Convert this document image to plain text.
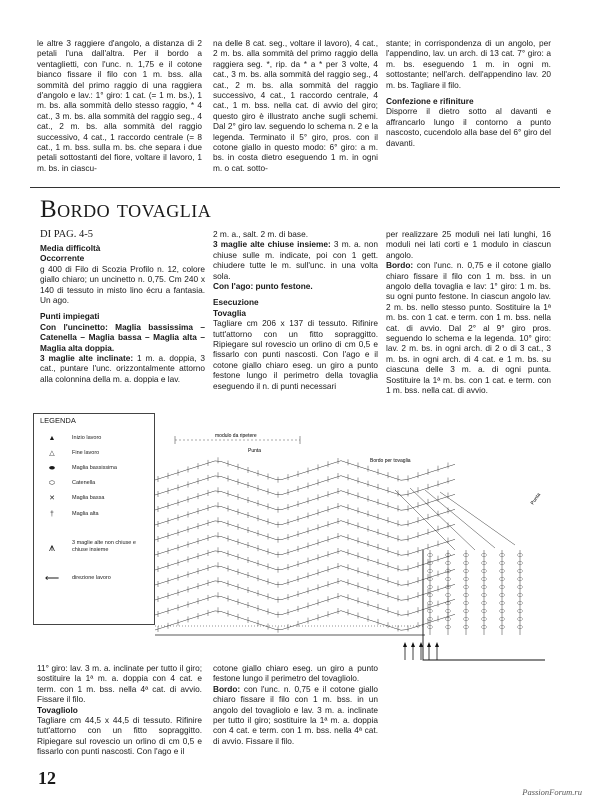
le altre 3 raggiere d'angolo, a distanza di 2 petali l'una dall'altra. Per il bordo a ventaglietti, con l'unc. n. 1,75 e il cotone bianco fissare il filo con 1 m. bss. alla sommità del primo raggio di una raggiera d'angolo e lav.: 1° giro: 1 cat. (= 1 m. bs.), 1 m. bs. alla sommità dello stesso raggio, * 4 cat., 3 m. bs. alla sommità del raggio seg., 4 cat., 2 m. bs. alla sommità del raggio successivo, 4 cat., 1 raccordo centrale (= 8 cat., 1 m. bss. sulla m. bs. che separa i due petali sottostanti del fiore, voltare il lavoro, 1 m. bs. in ciascu-

na delle 8 cat. seg., voltare il lavoro), 4 cat., 2 m. bs. alla sommità del primo raggio della raggiera seg. *, rip. da * a * per 3 volte, 4 cat., 3 m. bs. alla sommità del raggio seg., 4 cat., 2 m. bs. alla sommità del raggio successivo, 4 cat., 1 raccordo centrale, 4 cat., 1 m. bss. nella cat. di avvio del giro; questo giro è illustrato anche sugli schemi. Dal 2° giro lav. seguendo lo schema n. 2 e la legenda. Terminato il 5° giro, pros. con il cotone giallo in questo modo: 6° giro: a m. bs. in costa dietro eseguendo 1 m. in ogni m. o cat. sotto-

stante; in corrispondenza di un angolo, per l'appendino, lav. un arch. di 13 cat. 7° giro: a m. bs. eseguendo 1 m. in ogni m. sottostante; nell'arch. dell'appendino lav. 20 m. bs. Tagliare il filo.

Confezione e rifiniture

Disporre il dietro sotto al davanti e affrancarlo lungo il contorno a punto nascosto, cucendolo alla base del 6° giro del davanti.

Bordo tovaglia
DI PAG. 4-5

Media difficoltà

Occorrente

g 400 di Filo di Scozia Profilo n. 12, colore giallo chiaro; un uncinetto n. 0,75. Cm 240 x 140 di tessuto in misto lino écru a fantasia. Un ago.

Punti impiegati

Con l'uncinetto: Maglia bassissima – Catenella – Maglia bassa – Maglia alta – Maglia alta doppia.

3 maglie alte inclinate: 1 m. a. doppia, 3 cat., puntare l'unc. orizzontalmente attorno alla colonnina della m. a. doppia e lav.

2 m. a., salt. 2 m. di base.

3 maglie alte chiuse insieme: 3 m. a. non chiuse sulle m. indicate, poi con 1 gett. chiudere tutte le m. sull'unc. in una volta sola.

Con l'ago: punto festone.

Esecuzione

Tovaglia

Tagliare cm 206 x 137 di tessuto. Rifinire tutt'attorno con un fitto sopraggitto. Ripiegare sul rovescio un orlino di cm 0,5 e fissarlo con punti nascosti. Con l'ago e il cotone giallo chiaro eseg. un giro a punto festone lungo il perimetro della tovaglia eseguendo il n. di punti necessari

per realizzare 25 moduli nei lati lunghi, 16 moduli nei lati corti e 1 modulo in ciascun angolo.

Bordo: con l'unc. n. 0,75 e il cotone giallo chiaro fissare il filo con 1 m. bss. in un angolo della tovaglia e lav: 1° giro: 1 m. bs. su ogni punto festone. In ciascun angolo lav. 2 m. bs. nello stesso punto. Sostituire la 1ª m. bs. con 1 cat. e term. con 1 m. bss. nella cat. di avvio. Dal 2° al 9° giro pros. seguendo lo schema e la legenda. 10° giro: lav. 2 m. bs. in ogni arch. di 2 o di 3 cat., 3 m. bs. in ogni arch. di 4 cat. e 1 m. bs. su ciascuna delle 3 m. a. di ogni punta. Sostituire la 1ª m. bs. con 1 cat. e term. con 1 m. bss. nella cat. di avvio.

LEGENDA
▲	Inizio lavoro
△	Fine lavoro
⬬	Maglia bassissima
⬭	Catenella
✕	Maglia bassa
†	Maglia alta
⩚	3 maglie alte non chiuse e chiuse insieme
⟵	direzione lavoro
modulo da ripetere
Punta
Bordo per tovaglia
Punta

11° giro: lav. 3 m. a. inclinate per tutto il giro; sostituire la 1ª m. a. doppia con 4 cat. e term. con 1 m. bss. nella 4ª cat. di avvio. Fissare il filo.

Tovagliolo

Tagliare cm 44,5 x 44,5 di tessuto. Rifinire tutt'attorno con un fitto sopraggitto. Ripiegare sul rovescio un orlino di cm 0,5 e fissarlo con punti nascosti. Con l'ago e il

cotone giallo chiaro eseg. un giro a punto festone lungo il perimetro del tovagliolo.

Bordo: con l'unc. n. 0,75 e il cotone giallo chiaro fissare il filo con 1 m. bss. in un angolo del tovagliolo e lav. 3 m. a. inclinate per tutto il giro; sostituire la 1ª m. a. doppia con 4 cat. e term. con 1 m. bss. nella 4ª cat. di avvio. Fissare il filo.

12
PassionForum.ru
